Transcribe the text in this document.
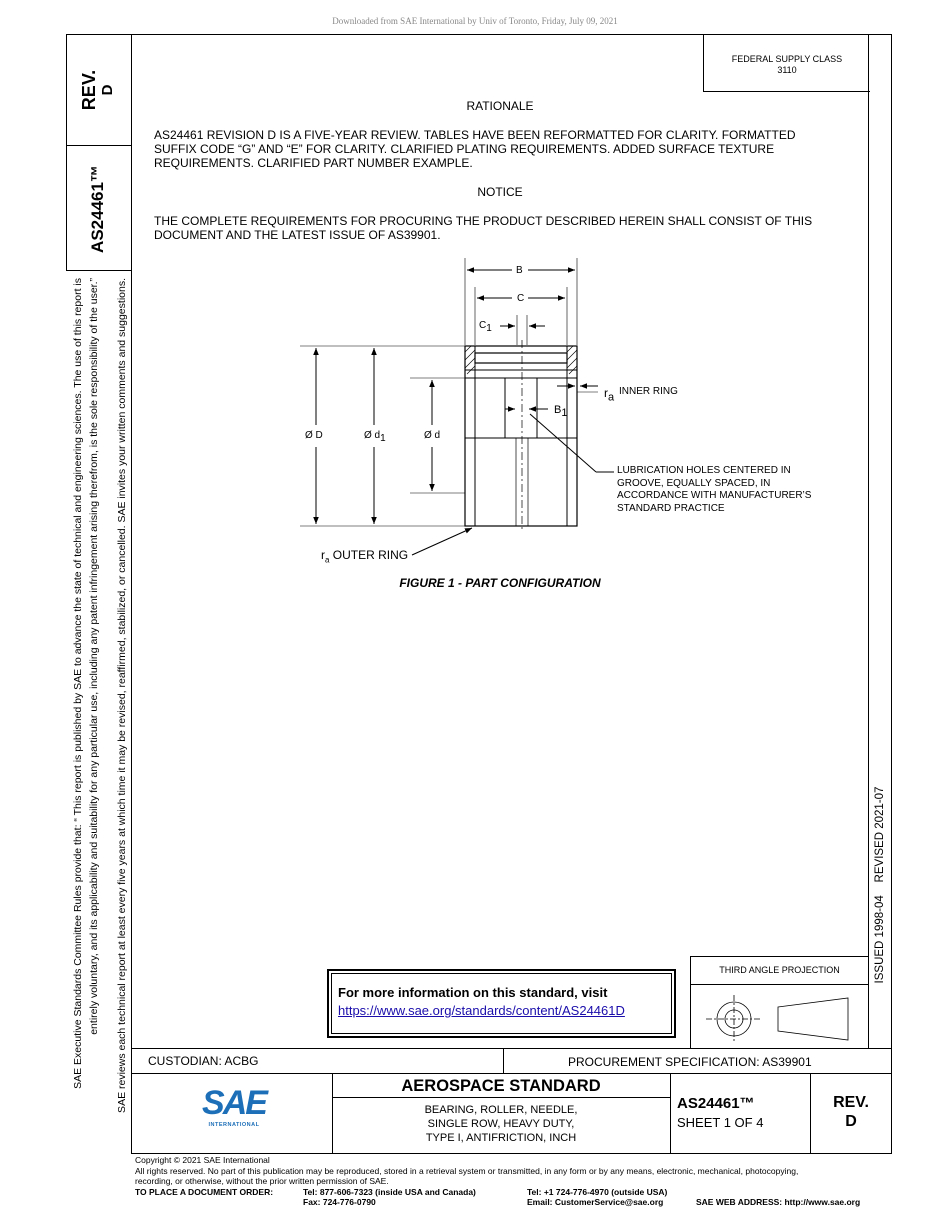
Downloaded from SAE International by Univ of Toronto, Friday, July 09, 2021
REV. D
AS24461™
SAE Executive Standards Committee Rules provide that: “ This report is published by SAE to advance the state of technical and engineering sciences. The use of this report is entirely voluntary, and its applicability and suitability for any particular use, including any patent infringement arising therefrom, is the sole responsibility of the user.” SAE reviews each technical report at least every five years at which time it may be revised, reaffirmed, stabilized, or cancelled. SAE invites your written comments and suggestions.	ISSUED 1998-04    REVISED 2021-07
FEDERAL SUPPLY CLASS
3110
RATIONALE
AS24461 REVISION D IS A FIVE-YEAR REVIEW. TABLES HAVE BEEN REFORMATTED FOR CLARITY. FORMATTED
SUFFIX CODE “G” AND “E” FOR CLARITY. CLARIFIED PLATING REQUIREMENTS. ADDED SURFACE TEXTURE
REQUIREMENTS. CLARIFIED PART NUMBER EXAMPLE.
NOTICE
THE COMPLETE REQUIREMENTS FOR PROCURING THE PRODUCT DESCRIBED HEREIN SHALL CONSIST OF THIS
DOCUMENT AND THE LATEST ISSUE OF AS39901.
B
C
$C_1$
$r_a$ INNER RING
$B_1$
Ø D	Ø $d_1$	Ø d
LUBRICATION HOLES CENTERED IN
GROOVE, EQUALLY SPACED, IN
ACCORDANCE WITH MANUFACTURER’S
STANDARD PRACTICE
$r_a$ OUTER RING
FIGURE 1 - PART CONFIGURATION
For more information on this standard, visit
https://www.sae.org/standards/content/AS24461D
THIRD ANGLE PROJECTION
CUSTODIAN: ACBG	PROCUREMENT SPECIFICATION: AS39901
SAE
INTERNATIONAL
AEROSPACE STANDARD
BEARING, ROLLER, NEEDLE,
SINGLE ROW, HEAVY DUTY,
TYPE I, ANTIFRICTION, INCH
AS24461™
SHEET 1 OF 4
REV.
D
Copyright © 2021 SAE International
All rights reserved. No part of this publication may be reproduced, stored in a retrieval system or transmitted, in any form or by any means, electronic, mechanical, photocopying,
recording, or otherwise, without the prior written permission of SAE.
TO PLACE A DOCUMENT ORDER:	Tel: 877-606-7323 (inside USA and Canada)
Fax: 724-776-0790
Tel: +1 724-776-4970 (outside USA)
Email: CustomerService@sae.org	SAE WEB ADDRESS: http://www.sae.org
